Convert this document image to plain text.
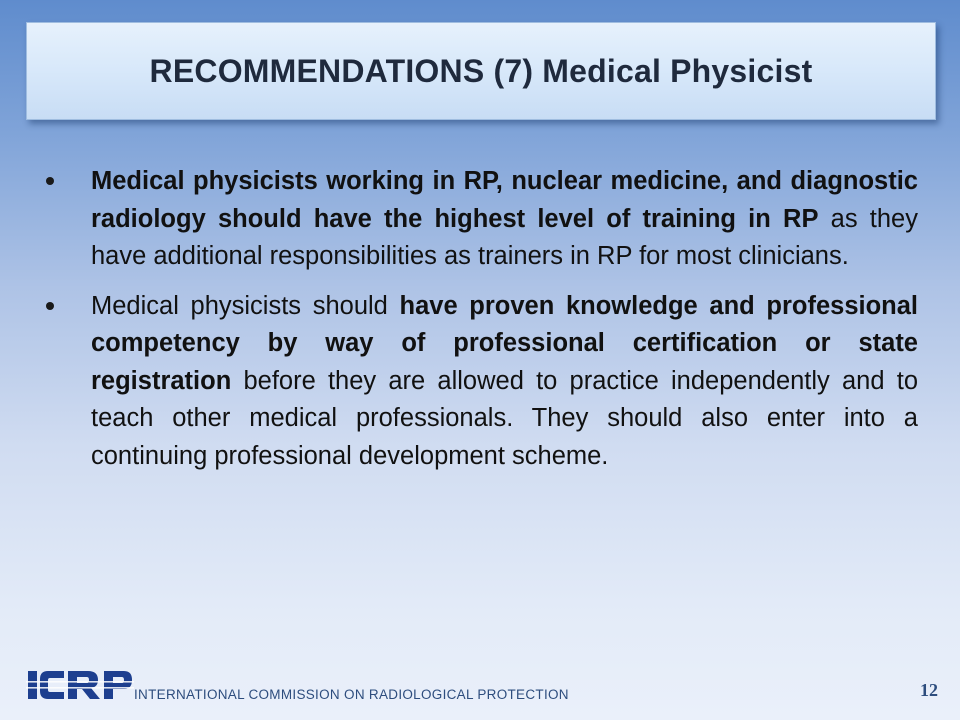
RECOMMENDATIONS (7) Medical Physicist

Medical physicists working in RP, nuclear medicine, and diagnostic radiology should have the highest level of training in RP as they have additional responsibilities as trainers in RP for most clinicians.

Medical physicists should have proven knowledge and professional competency by way of professional certification or state registration before they are allowed to practice independently and to teach other medical professionals. They should also enter into a continuing professional development scheme.

INTERNATIONAL COMMISSION ON RADIOLOGICAL PROTECTION	12
